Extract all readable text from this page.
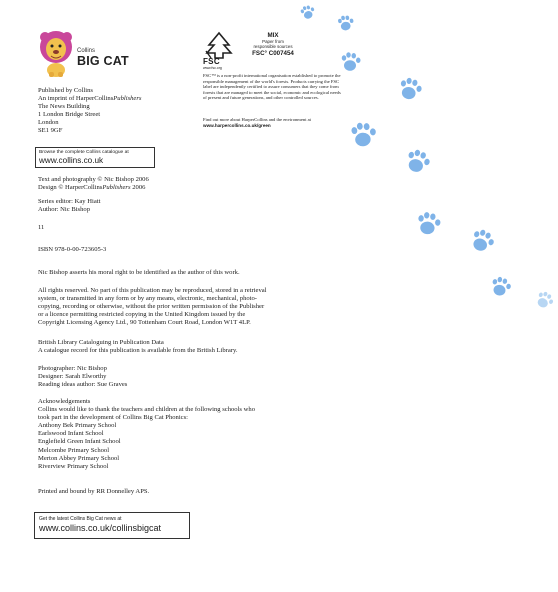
Collins
BIG CAT
Published by Collins
An imprint of HarperCollinsPublishers
The News Building
1 London Bridge Street
London
SE1 9GF
Browse the complete Collins catalogue at
www.collins.co.uk
Text and photography © Nic Bishop 2006
Design © HarperCollinsPublishers 2006
Series editor: Kay Hiatt
Author: Nic Bishop
11
ISBN 978-0-00-723605-3
Nic Bishop asserts his moral right to be identified as the author of this work.
All rights reserved. No part of this publication may be reproduced, stored in a retrieval
system, or transmitted in any form or by any means, electronic, mechanical, photo-
copying, recording or otherwise, without the prior written permission of the Publisher
or a licence permitting restricted copying in the United Kingdom issued by the
Copyright Licensing Agency Ltd., 90 Tottenham Court Road, London W1T 4LP.
British Library Cataloguing in Publication Data
A catalogue record for this publication is available from the British Library.
Photographer: Nic Bishop
Designer: Sarah Elworthy
Reading ideas author: Sue Graves
Acknowledgements
Collins would like to thank the teachers and children at the following schools who
took part in the development of Collins Big Cat Phonics:
Anthony Bek Primary School
Earlswood Infant School
Englefield Green Infant School
Melcombe Primary School
Merton Abbey Primary School
Riverview Primary School
Printed and bound by RR Donnelley APS.
Get the latest Collins Big Cat news at
www.collins.co.uk/collinsbigcat
FSC
www.fsc.org
MIX
Paper from
responsible sources
FSC° C007454

FSC™ is a non-profit international organisation established to promote the

responsible management of the world's forests. Products carrying the FSC

label are independently certified to assure consumers that they come from

forests that are managed to meet the social, economic and ecological needs

of present and future generations, and other controlled sources.

Find out more about HarperCollins and the environment at
www.harpercollins.co.uk/green
